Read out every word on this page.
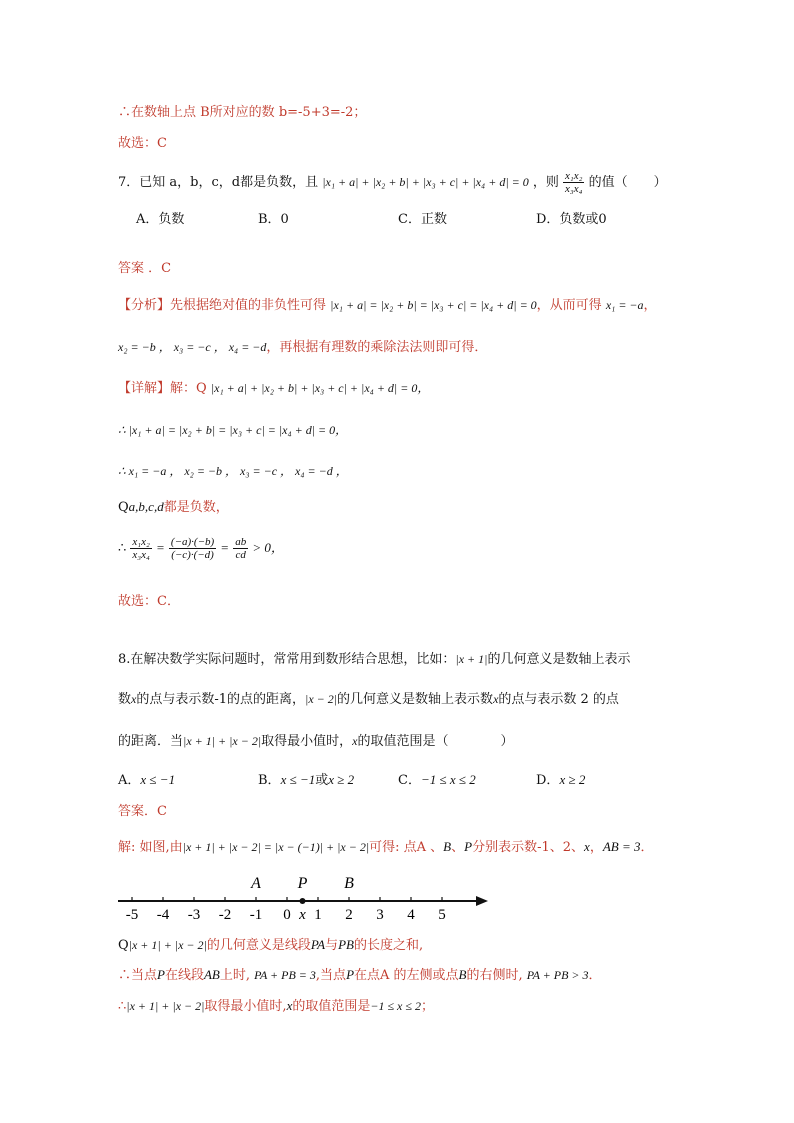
∴在数轴上点 B所对应的数 b=-5+3=-2；
故选：C
7．已知 a，b，c，d都是负数，且 |x₁ + a| + |x₂ + b| + |x₃ + c| + |x₄ + d| = 0 ，则 $\frac{\text{x₁x₂}}{\text{x₃x₄}}$ 的值（　　）
A．负数	B．0	C．正数	D．负数或0
答案 ．C
【分析】先根据绝对值的非负性可得 |x₁ + a| = |x₂ + b| = |x₃ + c| = |x₄ + d| = 0，从而可得 x₁ = −a，
x₂ = −b ， x₃ = −c ， x₄ = −d，再根据有理数的乘除法法则即可得．
【详解】解：Q |x₁ + a| + |x₂ + b| + |x₃ + c| + |x₄ + d| = 0，
∴ |x₁ + a| = |x₂ + b| = |x₃ + c| = |x₄ + d| = 0，
∴ x₁ = −a ， x₂ = −b ， x₃ = −c ， x₄ = −d ，
Qa,b,c,d都是负数，
∴ $\frac{\text{x₁x₂}}{\text{x₃x₄}} = \frac{(-a)\cdot(-b)}{(-c)\cdot(-d)} = \frac{ab}{cd} > 0$，
故选：C．
8.在解决数学实际问题时，常常用到数形结合思想，比如：|x + 1|的几何意义是数轴上表示
数x的点与表示数-1的点的距离，|x − 2|的几何意义是数轴上表示数x的点与表示数 2 的点
的距离．当|x + 1| + |x − 2|取得最小值时，x的取值范围是（　　　　）
A．x ≤ −1	B．x ≤ −1或x ≥ 2	C．−1 ≤ x ≤ 2	D．x ≥ 2
答案．C
解: 如图,由|x + 1| + |x − 2| = |x − (−1)| + |x − 2|可得: 点A 、B、P分别表示数-1、2、x，AB = 3．
-5 -4 -3 -2 -1 0 1 2 3 4 5
A P B
x
Q|x + 1| + |x − 2|的几何意义是线段PA与PB的长度之和,
∴当点P在线段AB上时, PA + PB = 3,当点P在点A 的左侧或点B的右侧时, PA + PB > 3．
∴|x + 1| + |x − 2|取得最小值时,x的取值范围是−1 ≤ x ≤ 2；
